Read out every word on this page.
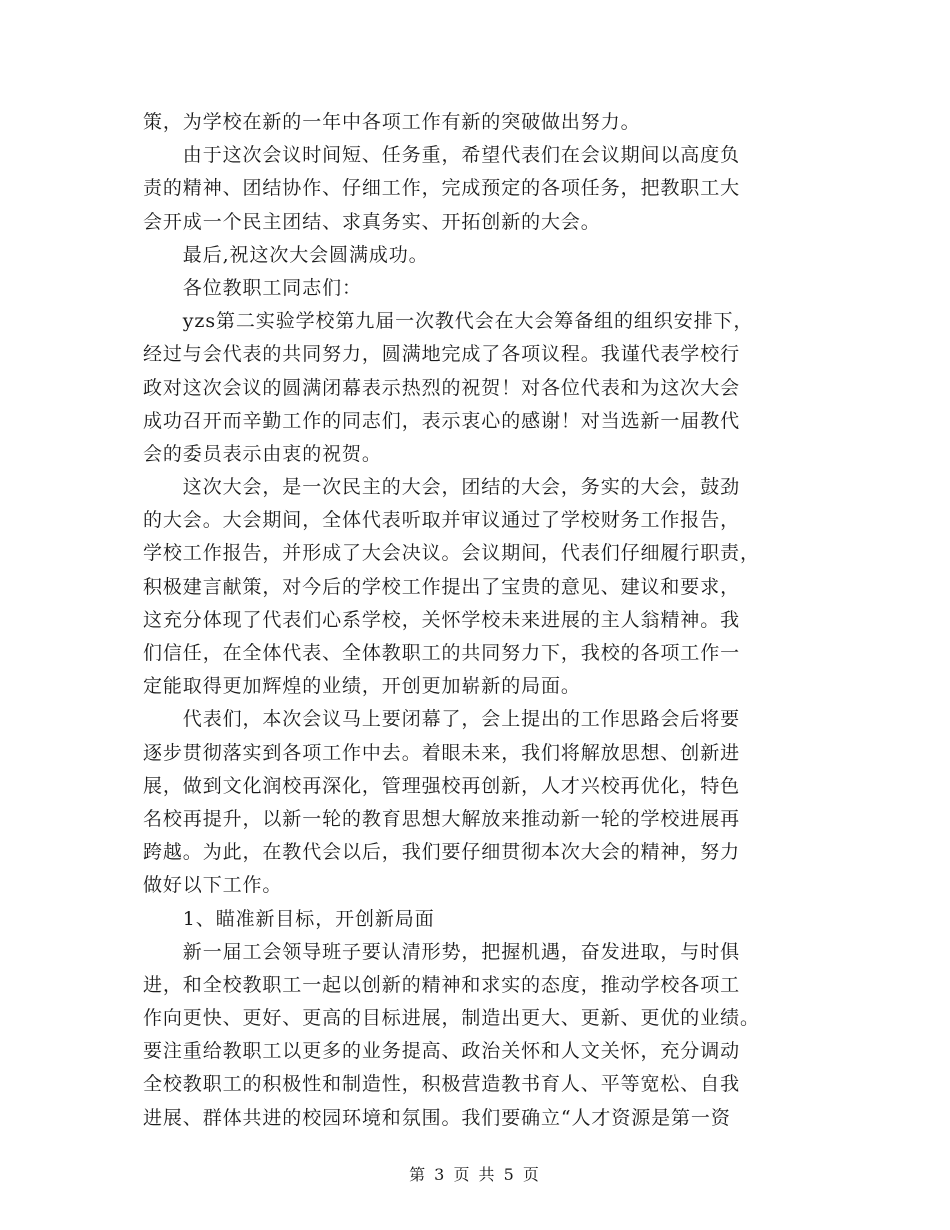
策，为学校在新的一年中各项工作有新的突破做出努力。
　　由于这次会议时间短、任务重，希望代表们在会议期间以高度负
责的精神、团结协作、仔细工作，完成预定的各项任务，把教职工大
会开成一个民主团结、求真务实、开拓创新的大会。
　　最后,祝这次大会圆满成功。
　　各位教职工同志们：
　　yzs第二实验学校第九届一次教代会在大会筹备组的组织安排下，
经过与会代表的共同努力，圆满地完成了各项议程。我谨代表学校行
政对这次会议的圆满闭幕表示热烈的祝贺！对各位代表和为这次大会
成功召开而辛勤工作的同志们，表示衷心的感谢！对当选新一届教代
会的委员表示由衷的祝贺。
　　这次大会，是一次民主的大会，团结的大会，务实的大会，鼓劲
的大会。大会期间，全体代表听取并审议通过了学校财务工作报告，
学校工作报告，并形成了大会决议。会议期间，代表们仔细履行职责，
积极建言献策，对今后的学校工作提出了宝贵的意见、建议和要求，
这充分体现了代表们心系学校，关怀学校未来进展的主人翁精神。我
们信任，在全体代表、全体教职工的共同努力下，我校的各项工作一
定能取得更加辉煌的业绩，开创更加崭新的局面。
　　代表们，本次会议马上要闭幕了，会上提出的工作思路会后将要
逐步贯彻落实到各项工作中去。着眼未来，我们将解放思想、创新进
展，做到文化润校再深化，管理强校再创新，人才兴校再优化，特色
名校再提升，以新一轮的教育思想大解放来推动新一轮的学校进展再
跨越。为此，在教代会以后，我们要仔细贯彻本次大会的精神，努力
做好以下工作。
　　1、瞄准新目标，开创新局面
　　新一届工会领导班子要认清形势，把握机遇，奋发进取，与时俱
进，和全校教职工一起以创新的精神和求实的态度，推动学校各项工
作向更快、更好、更高的目标进展，制造出更大、更新、更优的业绩。
要注重给教职工以更多的业务提高、政治关怀和人文关怀，充分调动
全校教职工的积极性和制造性，积极营造教书育人、平等宽松、自我
进展、群体共进的校园环境和氛围。我们要确立“人才资源是第一资
第 3 页 共 5 页
